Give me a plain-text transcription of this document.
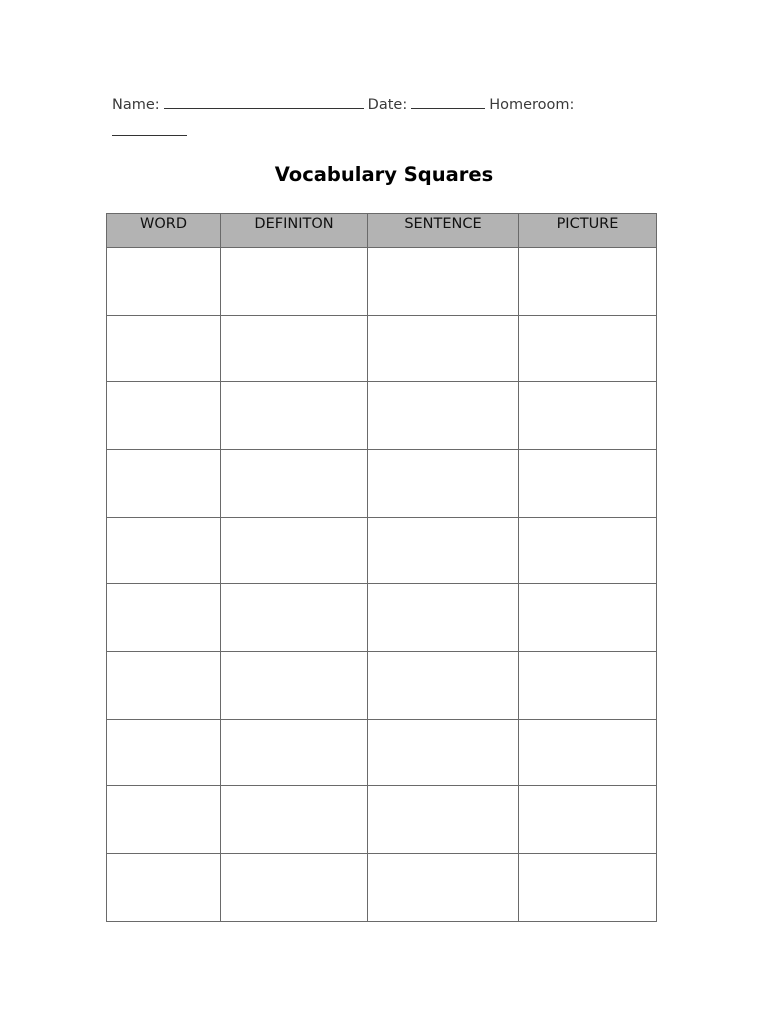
Name:	Date:	Homeroom:

Vocabulary Squares
WORD	DEFINITON	SENTENCE	PICTURE
